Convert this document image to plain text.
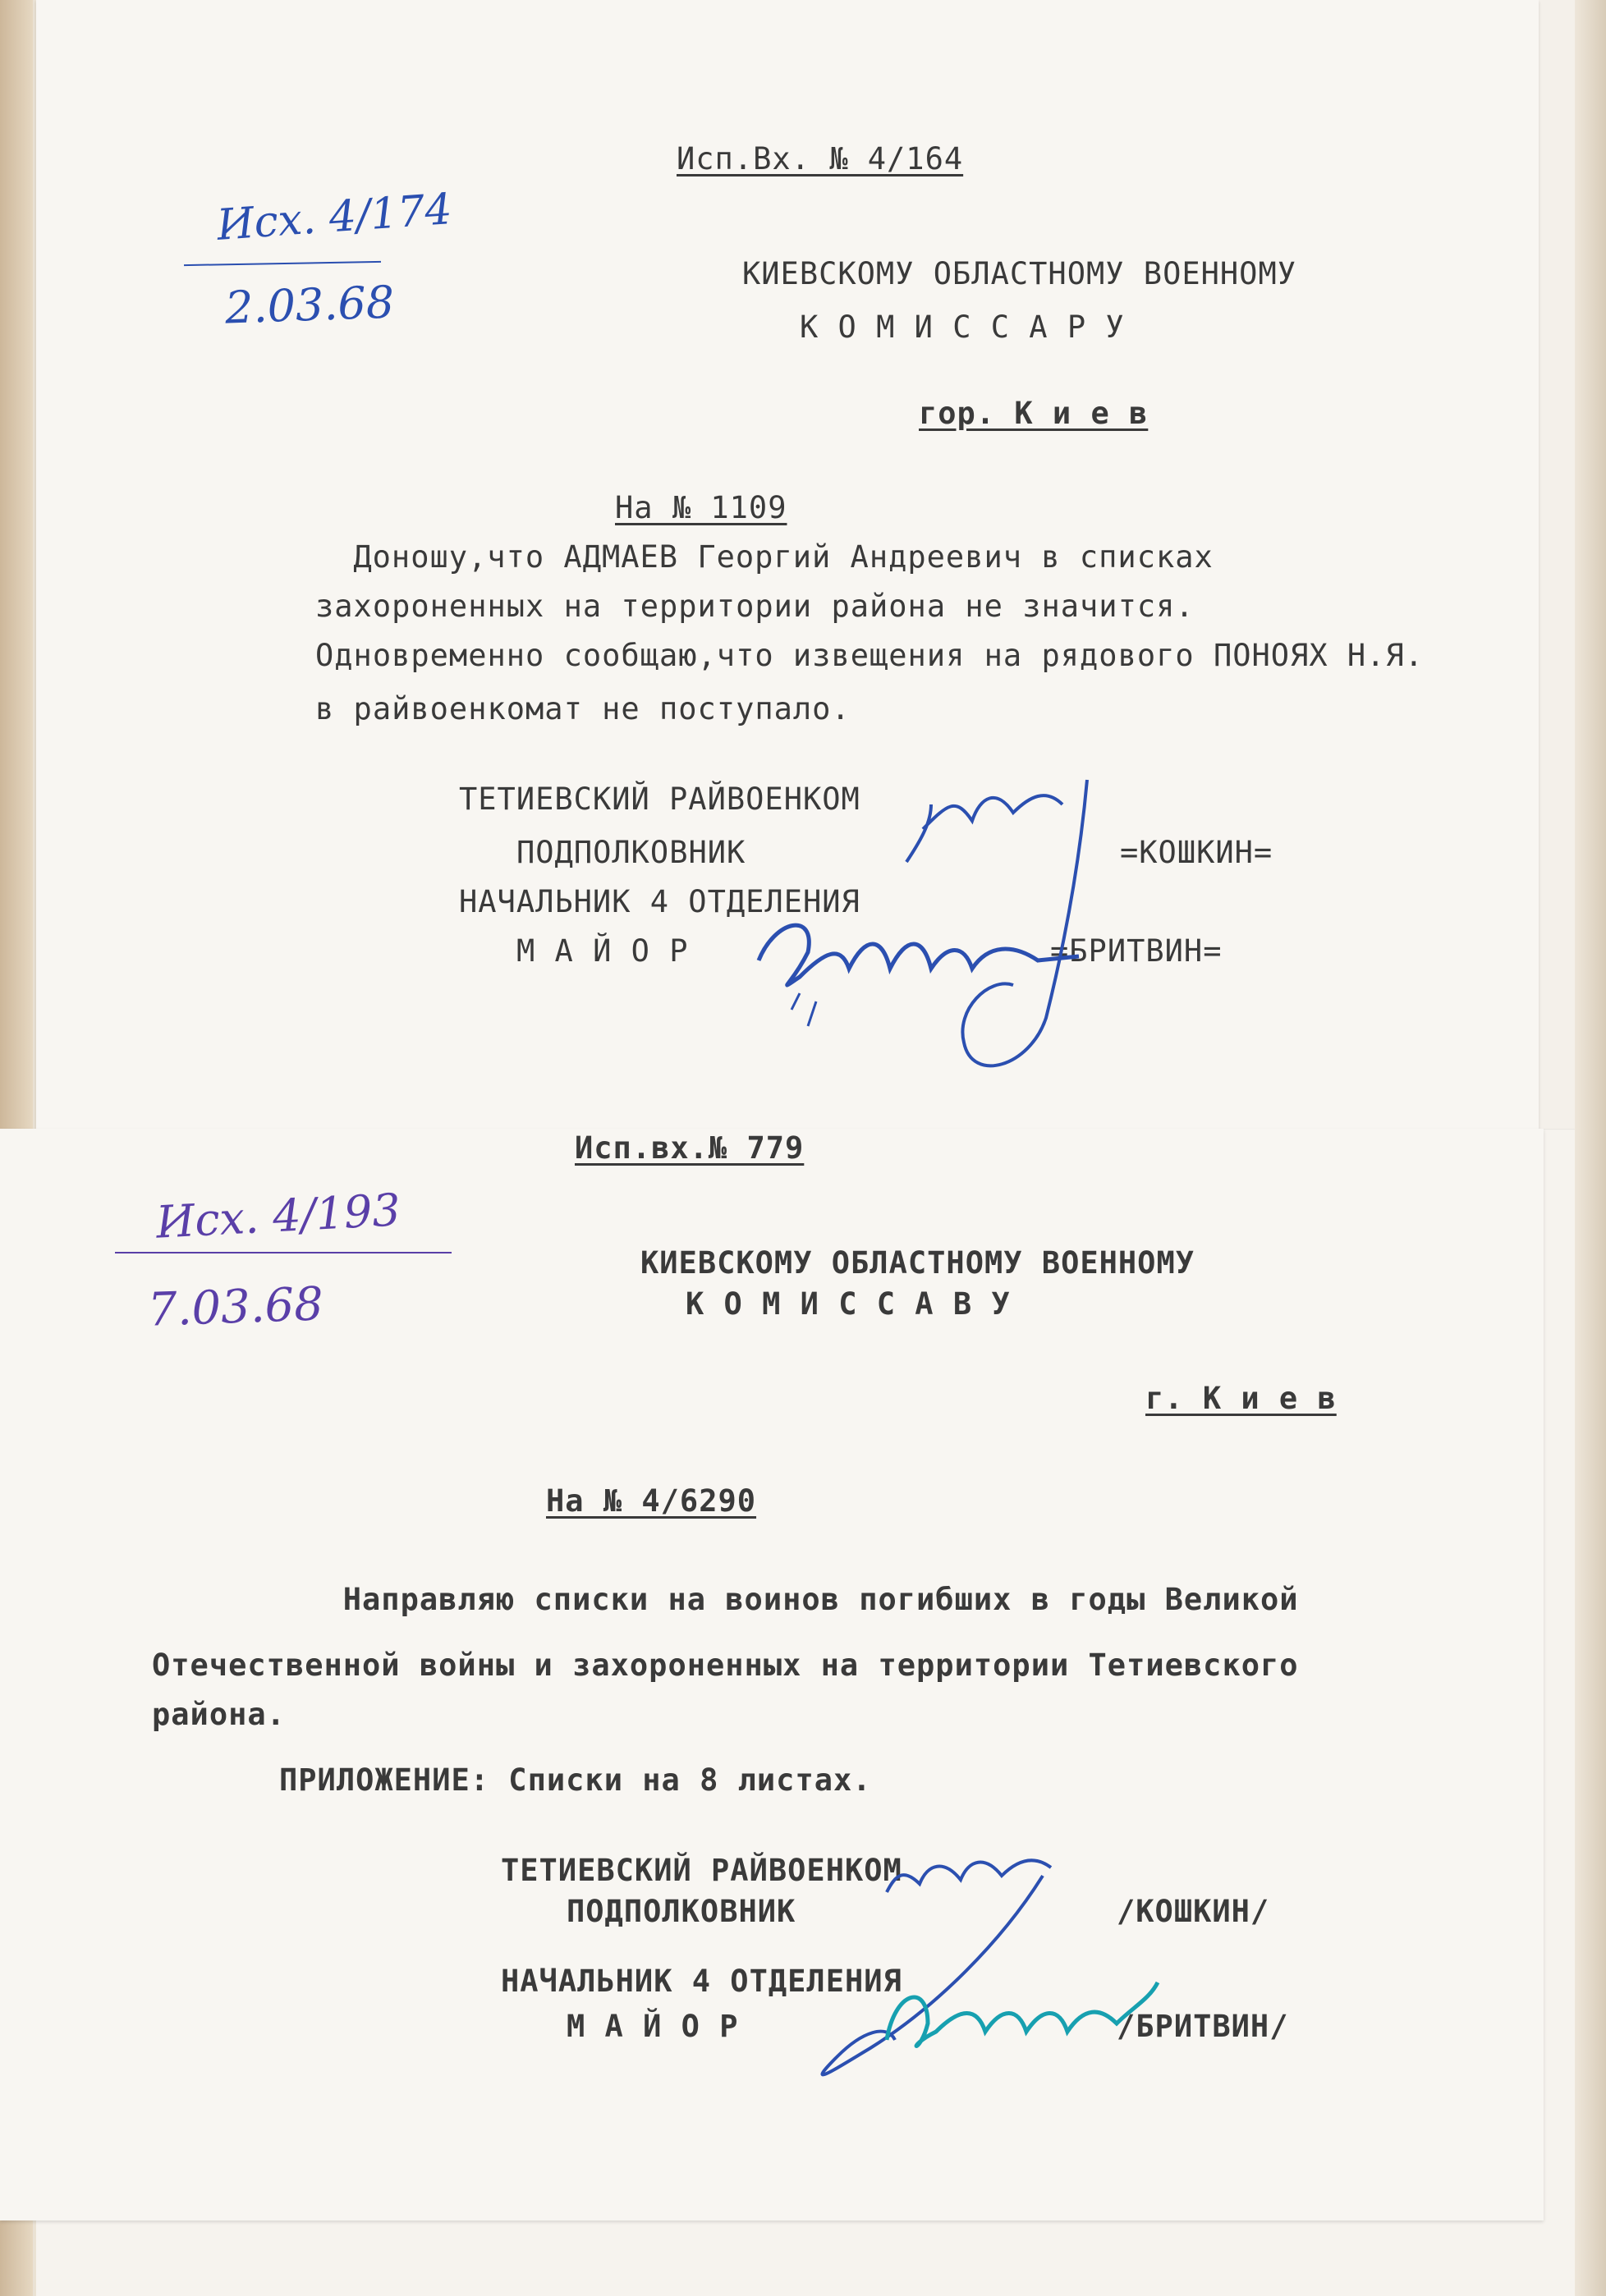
Исп.Вх. № 4/164
Исх. 4/174
2.03.68
КИЕВСКОМУ ОБЛАСТНОМУ ВОЕННОМУ
К О М И С С А Р У
гор. К и е в
На № 1109
Доношу,что АДМАЕВ Георгий Андреевич в списках
захороненных на территории района не значится.
Одновременно сообщаю,что извещения на рядового ПОНОЯХ Н.Я.
в райвоенкомат не поступало.
ТЕТИЕВСКИЙ РАЙВОЕНКОМ
ПОДПОЛКОВНИК	=КОШКИН=
НАЧАЛЬНИК 4 ОТДЕЛЕНИЯ
М А Й О Р	=БРИТВИН=
Исп.вх.№ 779
Исх. 4/193
7.03.68
КИЕВСКОМУ ОБЛАСТНОМУ ВОЕННОМУ
К О М И С С А В У
г. К и е в
На № 4/6290
Направляю списки на воинов погибших в годы Великой
Отечественной войны и захороненных на территории Тетиевского
района.
ПРИЛОЖЕНИЕ: Списки на 8 листах.
ТЕТИЕВСКИЙ РАЙВОЕНКОМ
ПОДПОЛКОВНИК	/КОШКИН/
НАЧАЛЬНИК 4 ОТДЕЛЕНИЯ
М А Й О Р	/БРИТВИН/
